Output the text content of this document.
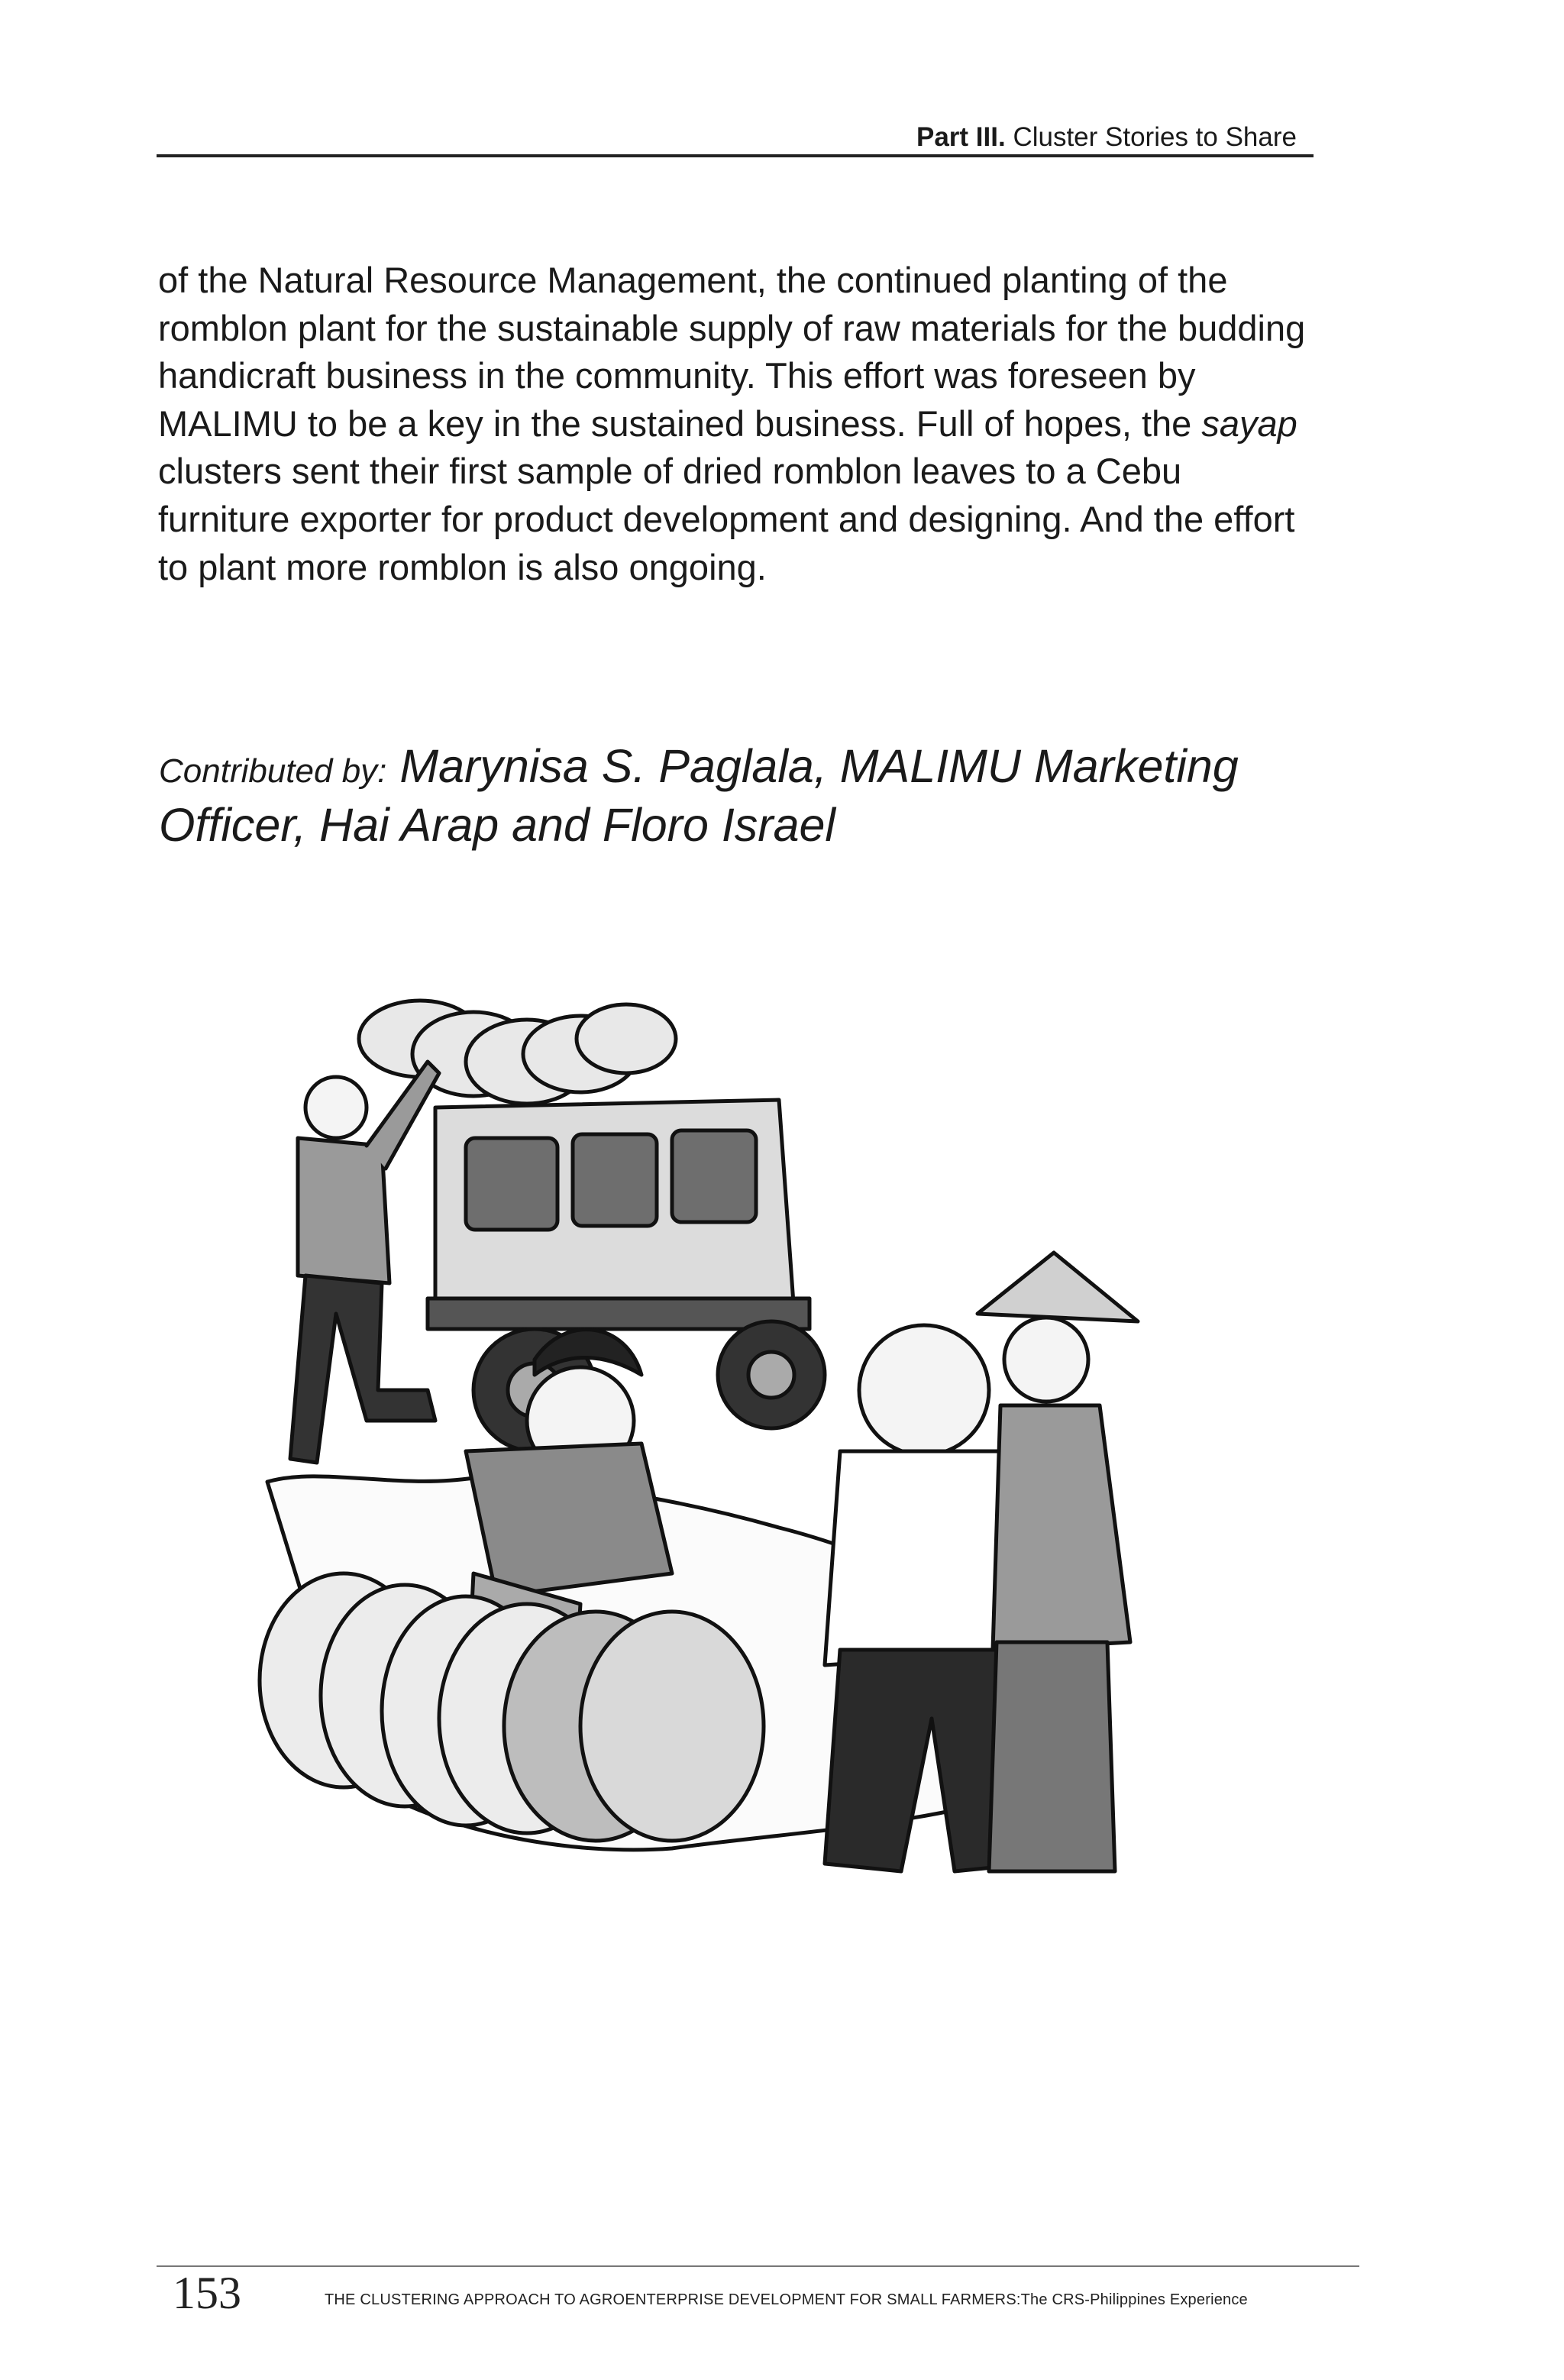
Part III. Cluster Stories to Share

of the Natural Resource Management, the continued planting of the romblon plant for the sustainable supply of raw materials for the budding handicraft business in the community. This effort was foreseen by MALIMU to be a key in the sustained business. Full of hopes, the sayap clusters sent their first sample of dried romblon leaves to a Cebu furniture exporter for product development and designing. And the effort to plant more romblon is also ongoing.

Contributed by: Marynisa S. Paglala, MALIMU Marketing Officer, Hai Arap and Floro Israel

153	THE CLUSTERING APPROACH TO AGROENTERPRISE DEVELOPMENT FOR SMALL FARMERS:The CRS-Philippines Experience
